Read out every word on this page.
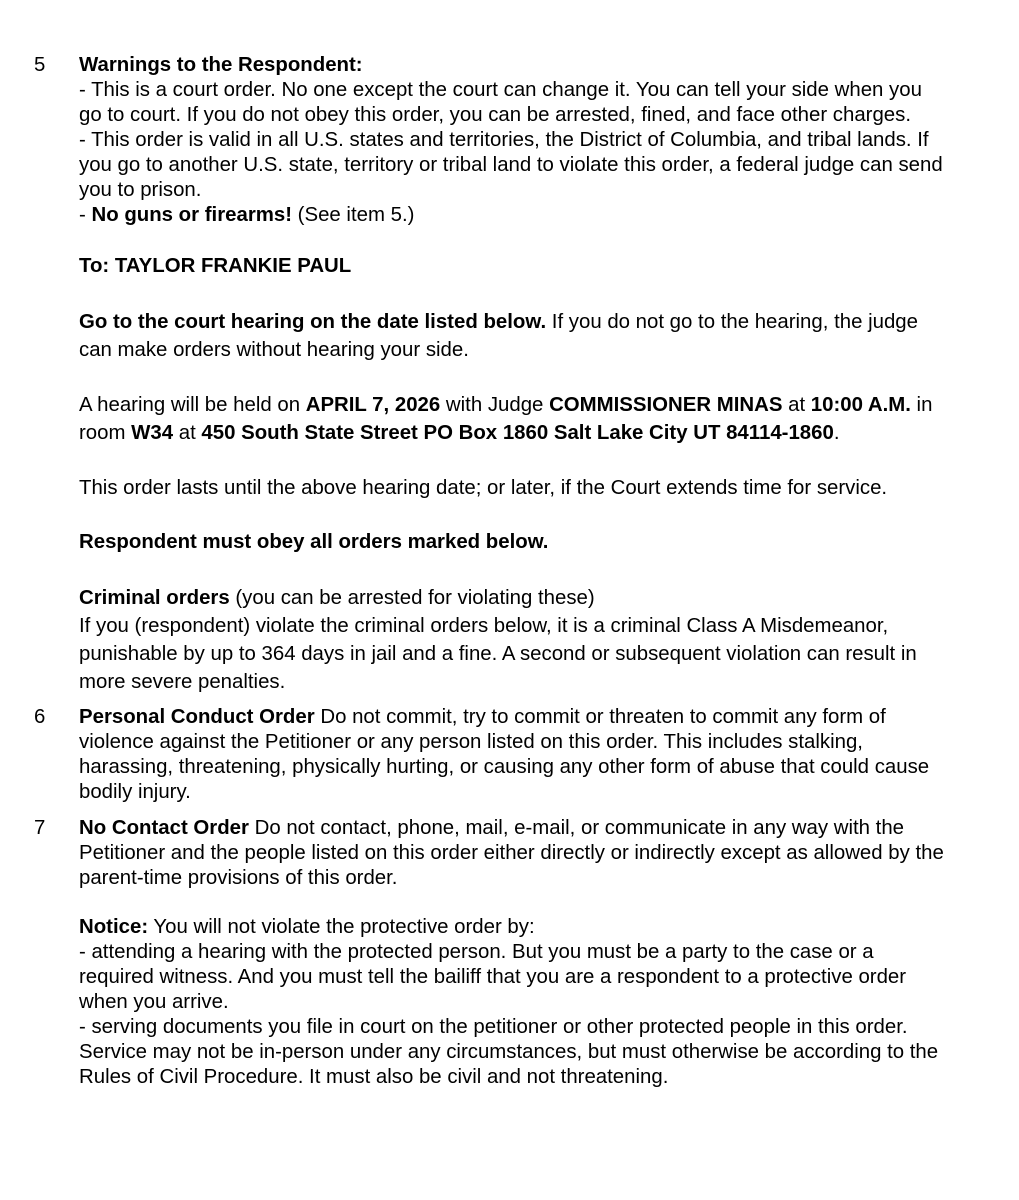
5 Warnings to the Respondent:
- This is a court order. No one except the court can change it. You can tell your side when you
go to court. If you do not obey this order, you can be arrested, fined, and face other charges.
- This order is valid in all U.S. states and territories, the District of Columbia, and tribal lands. If
you go to another U.S. state, territory or tribal land to violate this order, a federal judge can send
you to prison.
- No guns or firearms! (See item 5.)
To: TAYLOR FRANKIE PAUL
Go to the court hearing on the date listed below. If you do not go to the hearing, the judge
can make orders without hearing your side.
A hearing will be held on APRIL 7, 2026 with Judge COMMISSIONER MINAS at 10:00 A.M. in
room W34 at 450 South State Street PO Box 1860 Salt Lake City UT 84114-1860.
This order lasts until the above hearing date; or later, if the Court extends time for service.
Respondent must obey all orders marked below.
Criminal orders (you can be arrested for violating these)
If you (respondent) violate the criminal orders below, it is a criminal Class A Misdemeanor,
punishable by up to 364 days in jail and a fine. A second or subsequent violation can result in
more severe penalties.
6 Personal Conduct Order Do not commit, try to commit or threaten to commit any form of
violence against the Petitioner or any person listed on this order. This includes stalking,
harassing, threatening, physically hurting, or causing any other form of abuse that could cause
bodily injury.
7 No Contact Order Do not contact, phone, mail, e-mail, or communicate in any way with the
Petitioner and the people listed on this order either directly or indirectly except as allowed by the
parent-time provisions of this order.
Notice: You will not violate the protective order by:
- attending a hearing with the protected person. But you must be a party to the case or a
required witness. And you must tell the bailiff that you are a respondent to a protective order
when you arrive.
- serving documents you file in court on the petitioner or other protected people in this order.
Service may not be in-person under any circumstances, but must otherwise be according to the
Rules of Civil Procedure. It must also be civil and not threatening.
